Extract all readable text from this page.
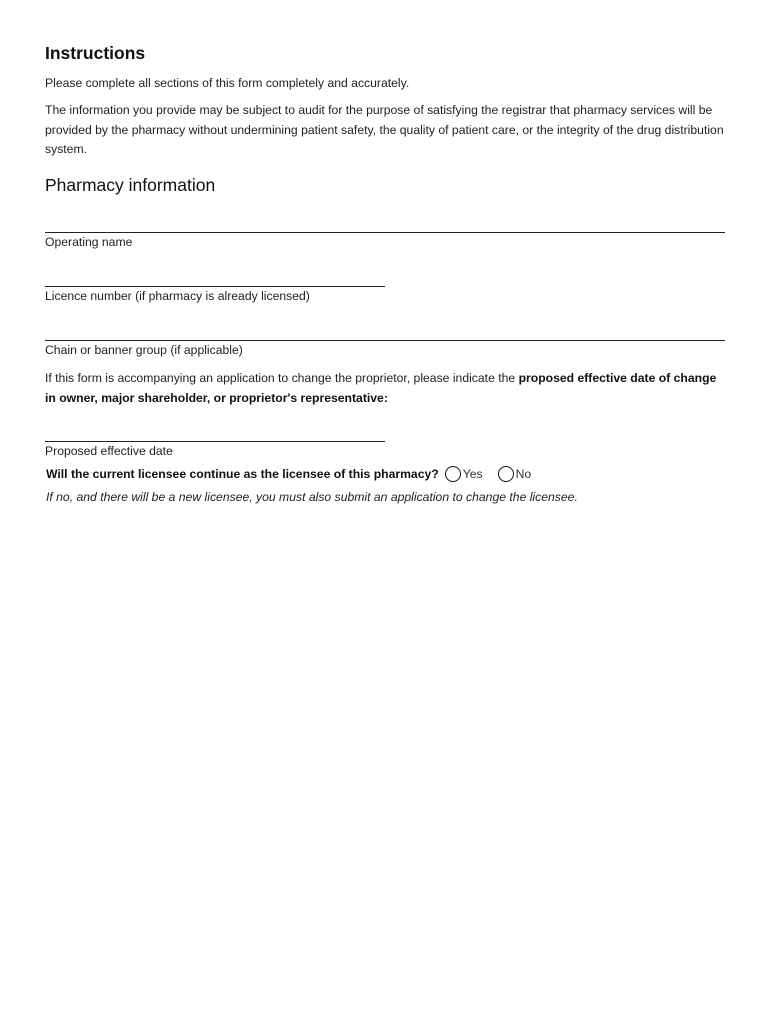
Instructions

Please complete all sections of this form completely and accurately.

The information you provide may be subject to audit for the purpose of satisfying the registrar that pharmacy services will be provided by the pharmacy without undermining patient safety, the quality of patient care, or the integrity of the drug distribution system.

Pharmacy information

Operating name

Licence number (if pharmacy is already licensed)

Chain or banner group (if applicable)

If this form is accompanying an application to change the proprietor, please indicate the proposed effective date of change in owner, major shareholder, or proprietor's representative:

Proposed effective date

Will the current licensee continue as the licensee of this pharmacy? Yes	No

If no, and there will be a new licensee, you must also submit an application to change the licensee.
